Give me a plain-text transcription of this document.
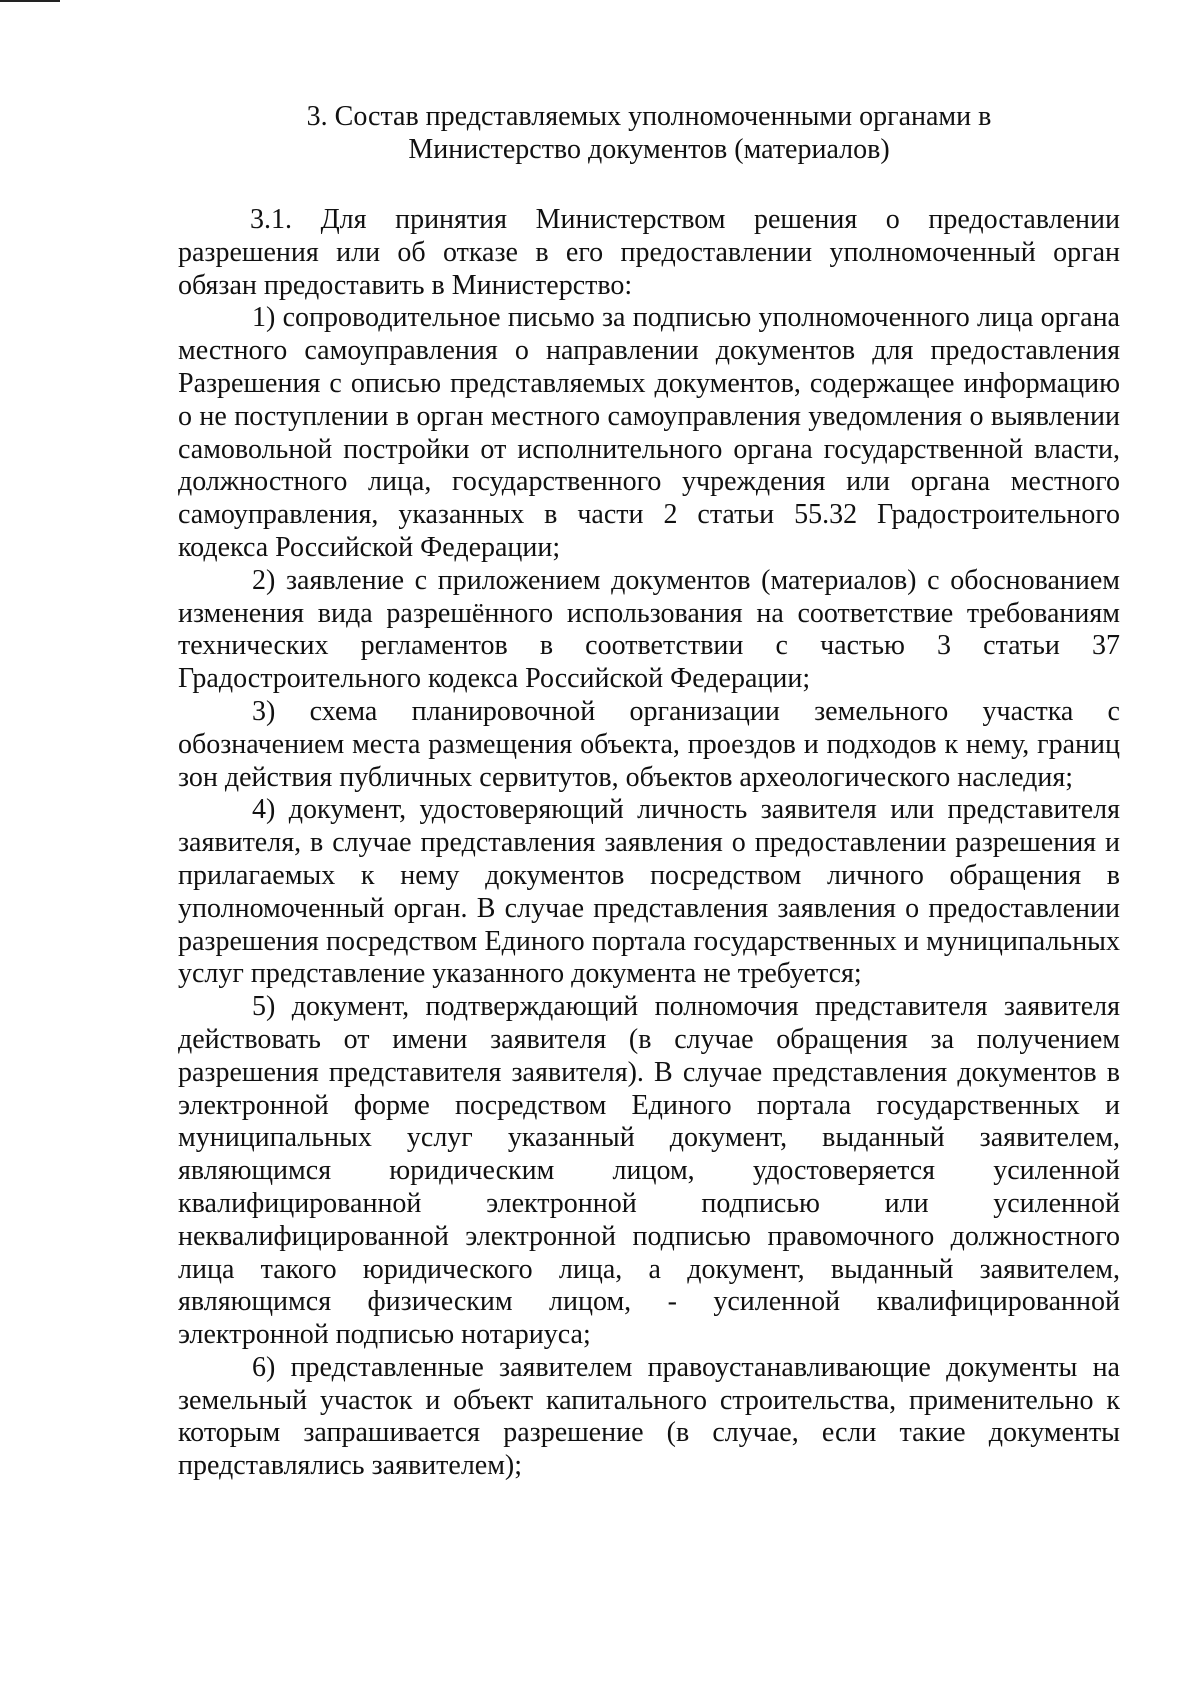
3. Состав представляемых уполномоченными органами в
Министерство документов (материалов)

3.1. Для принятия Министерством решения о предоставлении разрешения или об отказе в его предоставлении уполномоченный орган обязан предоставить в Министерство:

1) сопроводительное письмо за подписью уполномоченного лица органа местного самоуправления о направлении документов для предоставления Разрешения с описью представляемых документов, содержащее информацию о не поступлении в орган местного самоуправления уведомления о выявлении самовольной постройки от исполнительного органа государственной власти, должностного лица, государственного учреждения или органа местного самоуправления, указанных в части 2 статьи 55.32 Градостроительного кодекса Российской Федерации;

2) заявление с приложением документов (материалов) с обоснованием изменения вида разрешённого использования на соответствие требованиям технических регламентов в соответствии с частью 3 статьи 37 Градостроительного кодекса Российской Федерации;

3) схема планировочной организации земельного участка с обозначением места размещения объекта, проездов и подходов к нему, границ зон действия публичных сервитутов, объектов археологического наследия;

4) документ, удостоверяющий личность заявителя или представителя заявителя, в случае представления заявления о предоставлении разрешения и прилагаемых к нему документов посредством личного обращения в уполномоченный орган. В случае представления заявления о предоставлении разрешения посредством Единого портала государственных и муниципальных услуг представление указанного документа не требуется;

5) документ, подтверждающий полномочия представителя заявителя действовать от имени заявителя (в случае обращения за получением разрешения представителя заявителя). В случае представления документов в электронной форме посредством Единого портала государственных и муниципальных услуг указанный документ, выданный заявителем, являющимся юридическим лицом, удостоверяется усиленной квалифицированной электронной подписью или усиленной неквалифицированной электронной подписью правомочного должностного лица такого юридического лица, а документ, выданный заявителем, являющимся физическим лицом, - усиленной квалифицированной электронной подписью нотариуса;

6) представленные заявителем правоустанавливающие документы на земельный участок и объект капитального строительства, применительно к которым запрашивается разрешение (в случае, если такие документы представлялись заявителем);
